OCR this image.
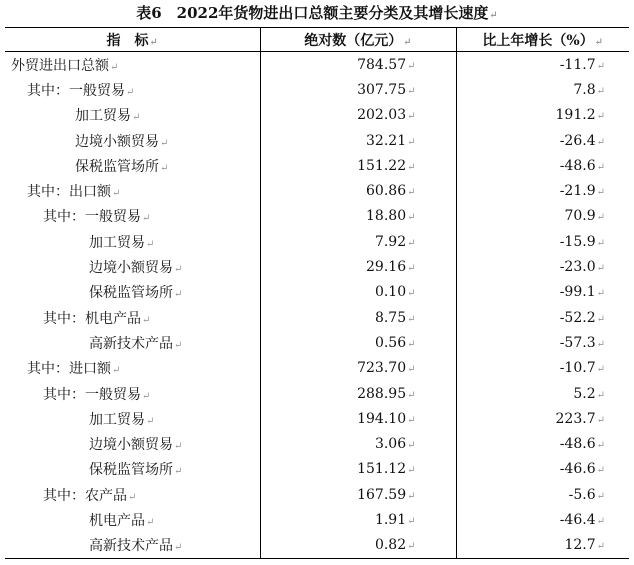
表6　2022年货物进出口总额主要分类及其增长速度↵
指　标↵	绝对数（亿元）↵	比上年增长（%）↵
外贸进出口总额↵	784.57↵	-11.7↵
其中：一般贸易↵	307.75↵	7.8↵
加工贸易↵	202.03↵	191.2↵
边境小额贸易↵	32.21↵	-26.4↵
保税监管场所↵	151.22↵	-48.6↵
其中：出口额↵	60.86↵	-21.9↵
其中：一般贸易↵	18.80↵	70.9↵
加工贸易↵	7.92↵	-15.9↵
边境小额贸易↵	29.16↵	-23.0↵
保税监管场所↵	0.10↵	-99.1↵
其中：机电产品↵	8.75↵	-52.2↵
高新技术产品↵	0.56↵	-57.3↵
其中：进口额↵	723.70↵	-10.7↵
其中：一般贸易↵	288.95↵	5.2↵
加工贸易↵	194.10↵	223.7↵
边境小额贸易↵	3.06↵	-48.6↵
保税监管场所↵	151.12↵	-46.6↵
其中：农产品↵	167.59↵	-5.6↵
机电产品↵	1.91↵	-46.4↵
高新技术产品↵	0.82↵	12.7↵
